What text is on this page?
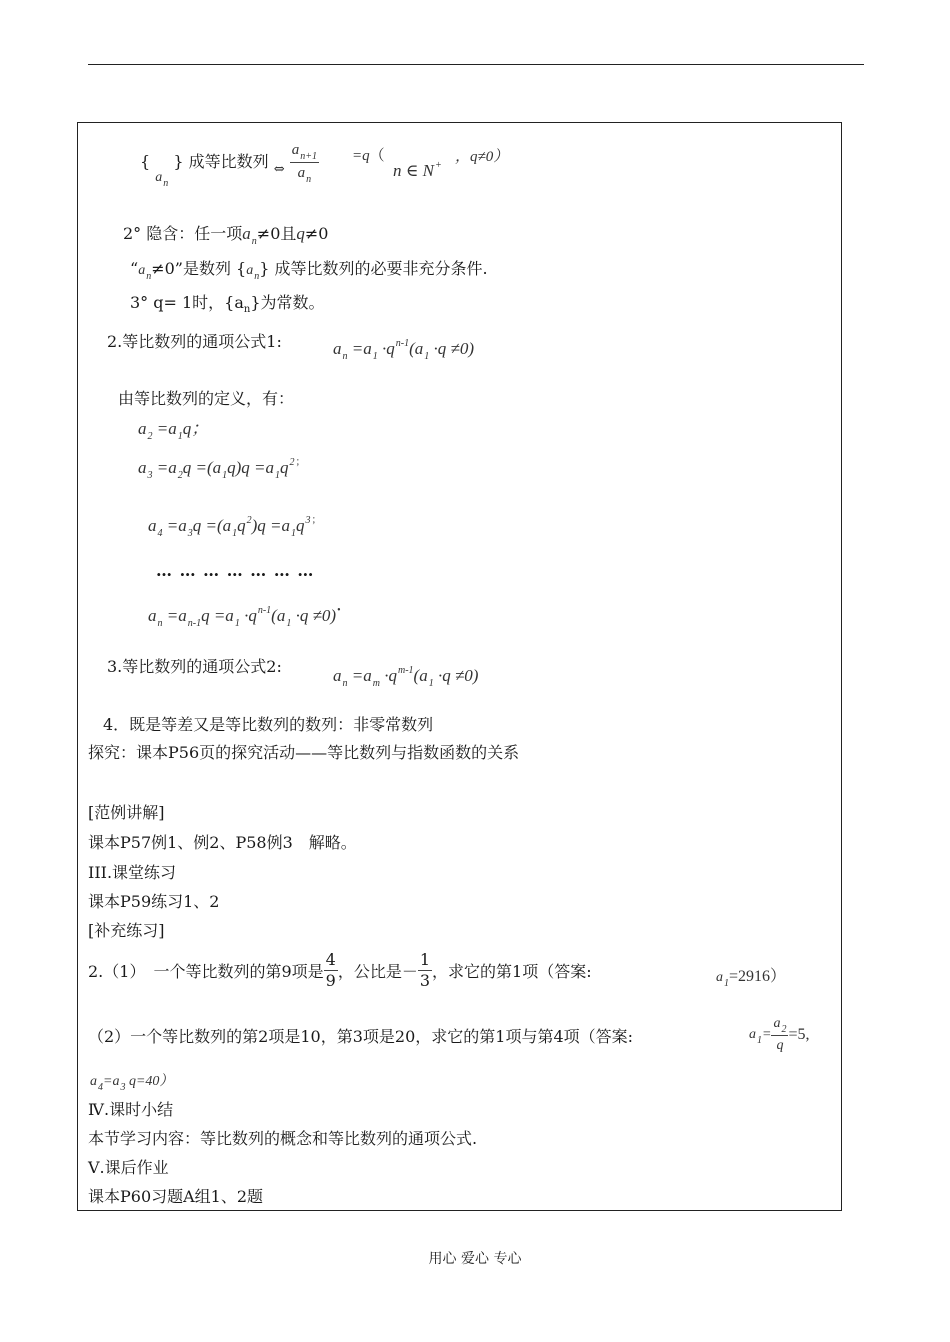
{ $a_n$ } 成等比数列 $_\Leftrightarrow \frac{a_{n+1}}{a_n} =q$（
n ∈ N+
，q≠0）
2° 隐含：任一项$a_n\ne 0$且q≠0
“$a_n\ne 0$”是数列 $\{a_n\}$ 成等比数列的必要非充分条件.
3° q= 1时，$\{a_n\}$为常数。
2.等比数列的通项公式1:	$a_n =a_1 \cdot q^{n-1}(a_1 \cdot q \ne 0)$
由等比数列的定义，有：
$a_2 =a_1q$；
$a_3 =a_2q =(a_1q)q =a_1q^{2;}$
$a_4 =a_3q =(a_1q^2)q =a_1q^{3;}$
… … … … … … …
$a_n =a_{n-1}q =a_1 \cdot q^{n-1}(a_1 \cdot q \ne 0)^•$
3.等比数列的通项公式2:	$a_n =a_m \cdot q^{m-1}(a_1 \cdot q \ne 0)$
4．既是等差又是等比数列的数列：非零常数列
探究：课本P56页的探究活动——等比数列与指数函数的关系
[范例讲解]
课本P57例1、例2、P58例3　解略。
III.课堂练习
课本P59练习1、2
[补充练习]
2.（1）　一个等比数列的第9项是 $\frac{4}{9}$ ，公比是－ $\frac{1}{3}$ ，求它的第1项（答案:	$a_1=2916$）
（2）一个等比数列的第2项是10，第3项是20，求它的第1项与第4项（答案:	$a_1= \frac{a_2}{q} =5$,
$a_4=a_3$ q=40）
Ⅳ.课时小结
本节学习内容：等比数列的概念和等比数列的通项公式.
Ⅴ.课后作业
课本P60习题A组1、2题
用心 爱心 专心
